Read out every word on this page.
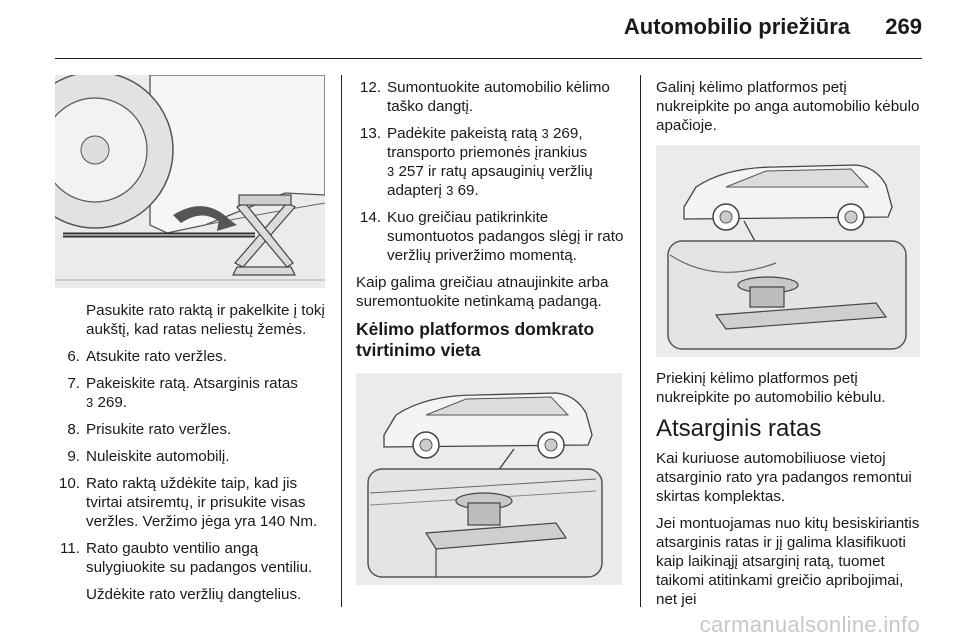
Automobilio priežiūra 269

Pasukite rato raktą ir pakelkite į tokį aukštį, kad ratas neliestų žemės.

6. Atsukite rato veržles.
7. Pakeiskite ratą. Atsarginis ratas
3 269.
8. Prisukite rato veržles.
9. Nuleiskite automobilį.
10. Rato raktą uždėkite taip, kad jis tvirtai atsiremtų, ir prisukite visas veržles. Veržimo jėga yra 140 Nm.
11. Rato gaubto ventilio angą sulygiuokite su padangos ventiliu.

Uždėkite rato veržlių dangtelius.

12. Sumontuokite automobilio kėlimo taško dangtį.
13. Padėkite pakeistą ratą 3 269, transporto priemonės įrankius
3 257 ir ratų apsauginių veržlių adapterį 3 69.
14. Kuo greičiau patikrinkite sumontuotos padangos slėgį ir rato veržlių priveržimo momentą.

Kaip galima greičiau atnaujinkite arba suremontuokite netinkamą padangą.

Kėlimo platformos domkrato tvirtinimo vieta

Galinį kėlimo platformos petį nukreipkite po anga automobilio kėbulo apačioje.

Priekinį kėlimo platformos petį nukreipkite po automobilio kėbulu.

Atsarginis ratas

Kai kuriuose automobiliuose vietoj atsarginio rato yra padangos remontui skirtas komplektas.

Jei montuojamas nuo kitų besiskiriantis atsarginis ratas ir jį galima klasifikuoti kaip laikinąjį atsarginį ratą, tuomet taikomi atitinkami greičio apribojimai, net jei

carmanualsonline.info
